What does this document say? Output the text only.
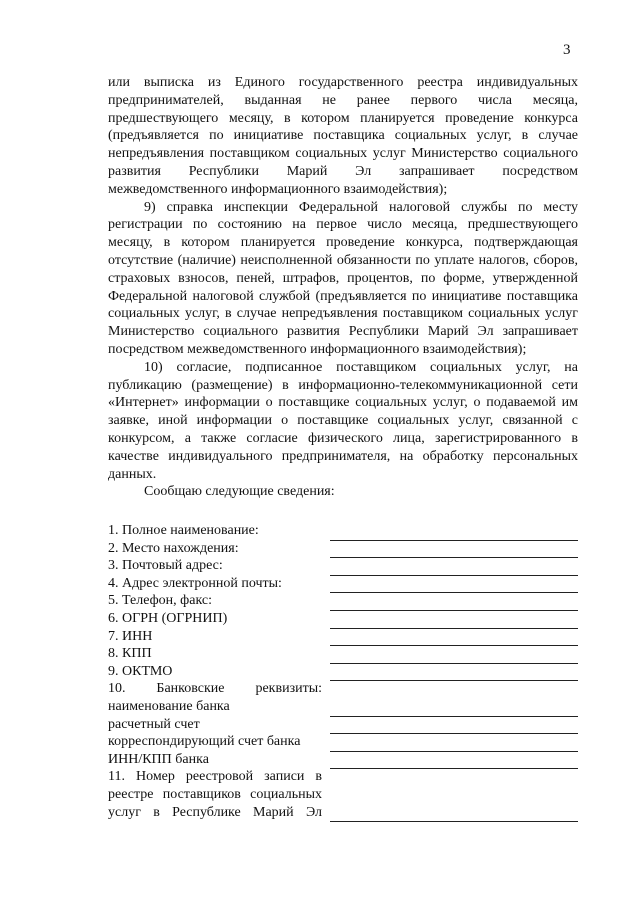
3

или выписка из Единого государственного реестра индивидуальных предпринимателей, выданная не ранее первого числа месяца, предшествующего месяцу, в котором планируется проведение конкурса (предъявляется по инициативе поставщика социальных услуг, в случае непредъявления поставщиком социальных услуг Министерство социального развития Республики Марий Эл запрашивает посредством межведомственного информационного взаимодействия);

9) справка инспекции Федеральной налоговой службы по месту регистрации по состоянию на первое число месяца, предшествующего месяцу, в котором планируется проведение конкурса, подтверждающая отсутствие (наличие) неисполненной обязанности по уплате налогов, сборов, страховых взносов, пеней, штрафов, процентов, по форме, утвержденной Федеральной налоговой службой (предъявляется по инициативе поставщика социальных услуг, в случае непредъявления поставщиком социальных услуг Министерство социального развития Республики Марий Эл запрашивает посредством межведомственного информационного взаимодействия);

10) согласие, подписанное поставщиком социальных услуг, на публикацию (размещение) в информационно-телекоммуникационной сети «Интернет» информации о поставщике социальных услуг, о подаваемой им заявке, иной информации о поставщике социальных услуг, связанной с конкурсом, а также согласие физического лица, зарегистрированного в качестве индивидуального предпринимателя, на обработку персональных данных.

Сообщаю следующие сведения:

1. Полное наименование:
2. Место нахождения:
3. Почтовый адрес:
4. Адрес электронной почты:
5. Телефон, факс:
6. ОГРН (ОГРНИП)
7. ИНН
8. КПП
9. ОКТМО
10. Банковские реквизиты:
наименование банка
расчетный счет
корреспондирующий счет банка
ИНН/КПП банка
11. Номер реестровой записи в реестре поставщиков социальных услуг в Республике Марий Эл
